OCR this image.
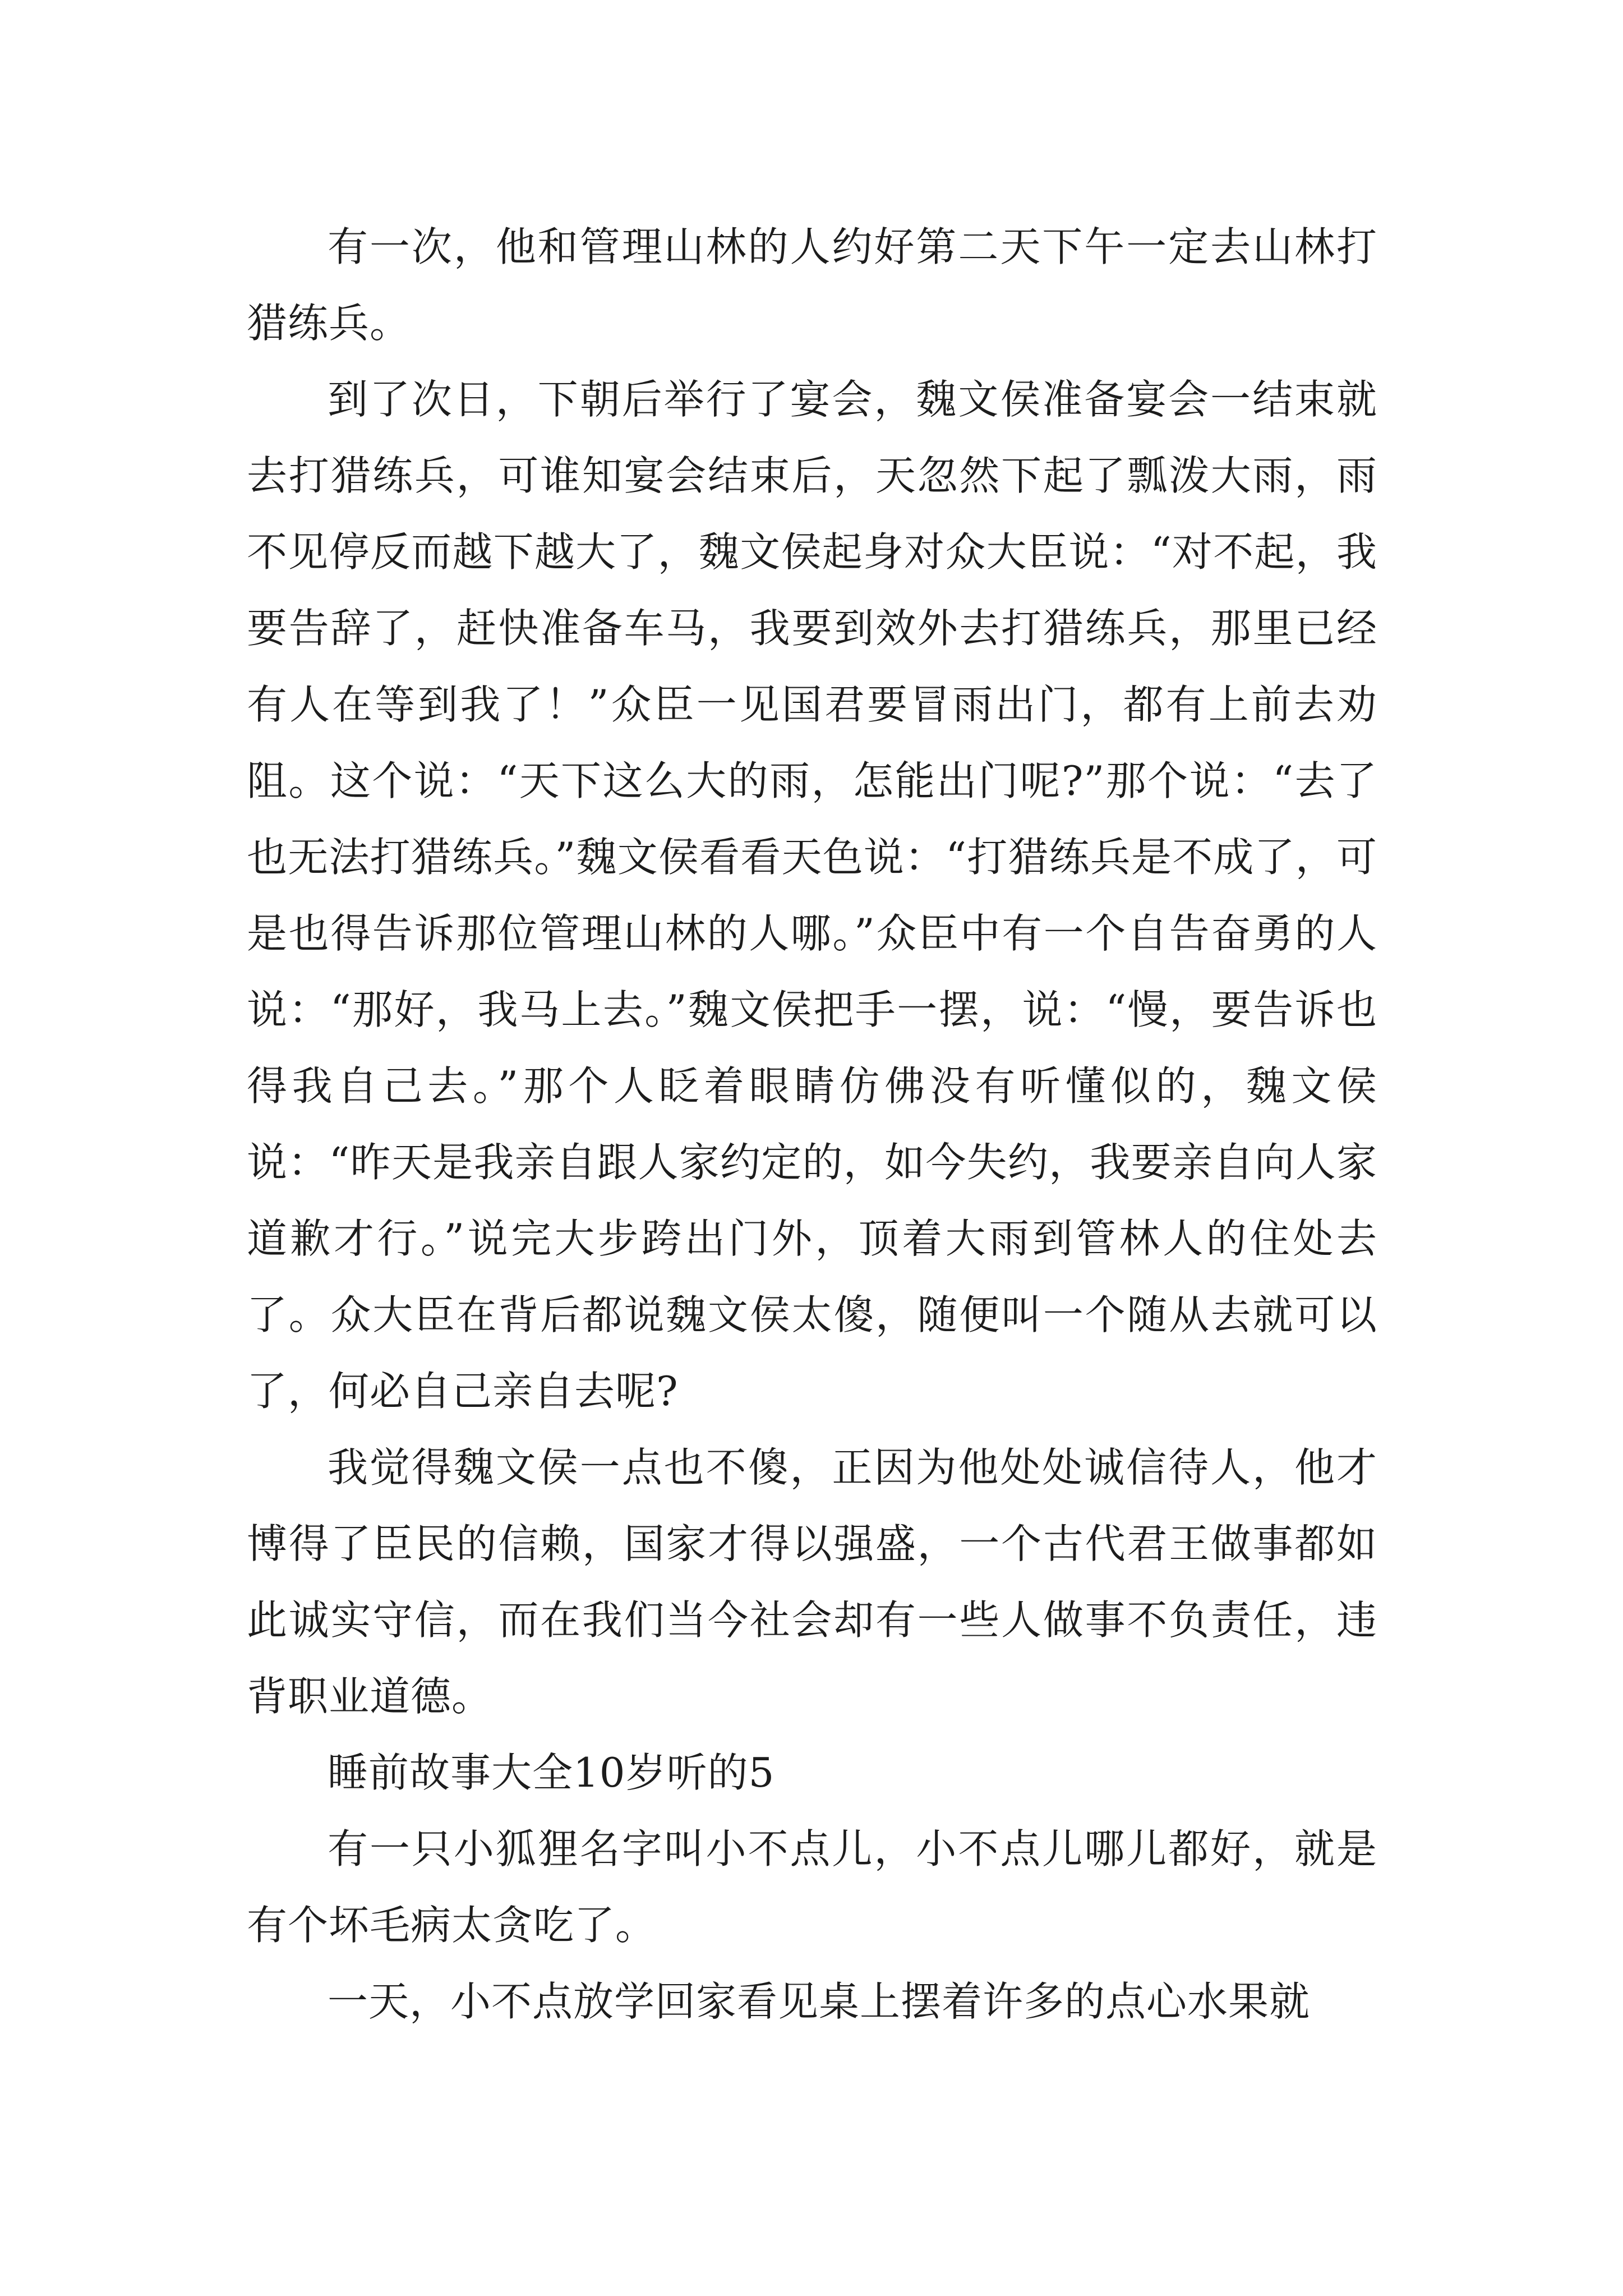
有一次，他和管理山林的人约好第二天下午一定去山林打猎练兵。

到了次日，下朝后举行了宴会，魏文侯准备宴会一结束就去打猎练兵，可谁知宴会结束后，天忽然下起了瓢泼大雨，雨不见停反而越下越大了，魏文侯起身对众大臣说：“对不起，我要告辞了，赶快准备车马，我要到效外去打猎练兵，那里已经有人在等到我了！”众臣一见国君要冒雨出门，都有上前去劝阻。这个说：“天下这么大的雨，怎能出门呢?”那个说：“去了也无法打猎练兵。”魏文侯看看天色说：“打猎练兵是不成了，可是也得告诉那位管理山林的人哪。”众臣中有一个自告奋勇的人说：“那好，我马上去。”魏文侯把手一摆，说：“慢，要告诉也得我自己去。”那个人眨着眼睛仿佛没有听懂似的，魏文侯说：“昨天是我亲自跟人家约定的，如今失约，我要亲自向人家道歉才行。”说完大步跨出门外，顶着大雨到管林人的住处去了。众大臣在背后都说魏文侯太傻，随便叫一个随从去就可以了，何必自己亲自去呢?

我觉得魏文侯一点也不傻，正因为他处处诚信待人，他才博得了臣民的信赖，国家才得以强盛，一个古代君王做事都如此诚实守信，而在我们当今社会却有一些人做事不负责任，违背职业道德。

睡前故事大全10岁听的5

有一只小狐狸名字叫小不点儿，小不点儿哪儿都好，就是有个坏毛病太贪吃了。

一天，小不点放学回家看见桌上摆着许多的点心水果就
